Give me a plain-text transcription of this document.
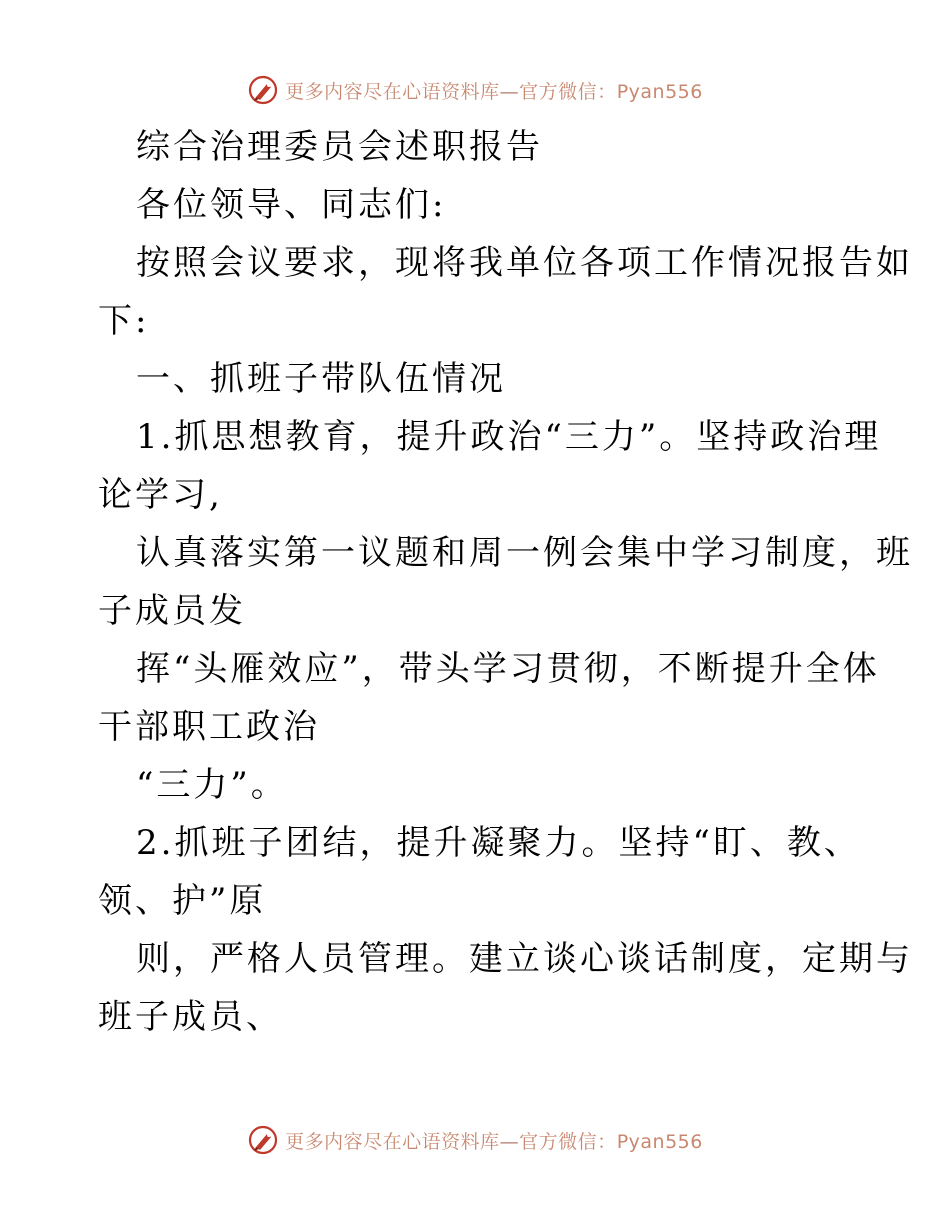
更多内容尽在心语资料库—官方微信：Pyan556
综合治理委员会述职报告
各位领导、同志们:
按照会议要求，现将我单位各项工作情况报告如
下:
一、抓班子带队伍情况
1.抓思想教育，提升政治“三力”。坚持政治理
论学习,
认真落实第一议题和周一例会集中学习制度，班
子成员发
挥“头雁效应”，带头学习贯彻，不断提升全体
干部职工政治
“三力”。
2.抓班子团结，提升凝聚力。坚持“盯、教、
领、护”原
则，严格人员管理。建立谈心谈话制度，定期与
班子成员、
更多内容尽在心语资料库—官方微信：Pyan556
